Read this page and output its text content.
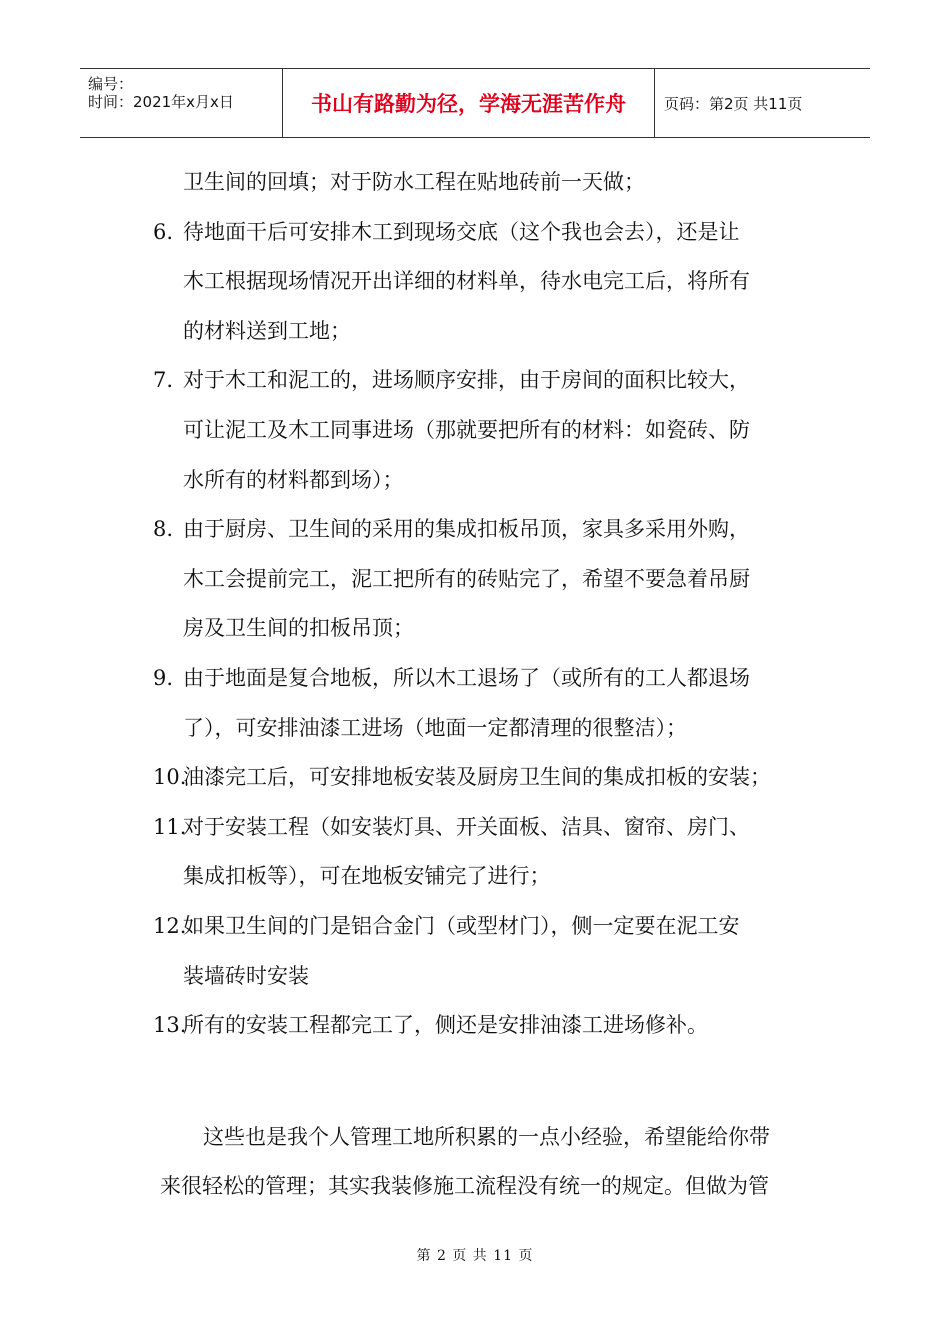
编号：
时间：2021年x月x日	书山有路勤为径，学海无涯苦作舟	页码：第2页 共11页
卫生间的回填；对于防水工程在贴地砖前一天做；
6. 待地面干后可安排木工到现场交底（这个我也会去），还是让
木工根据现场情况开出详细的材料单，待水电完工后，将所有
的材料送到工地；
7. 对于木工和泥工的，进场顺序安排，由于房间的面积比较大，
可让泥工及木工同事进场（那就要把所有的材料：如瓷砖、防
水所有的材料都到场）；
8. 由于厨房、卫生间的采用的集成扣板吊顶，家具多采用外购，
木工会提前完工，泥工把所有的砖贴完了，希望不要急着吊厨
房及卫生间的扣板吊顶；
9. 由于地面是复合地板，所以木工退场了（或所有的工人都退场
了），可安排油漆工进场（地面一定都清理的很整洁）；
10.
油漆完工后，可安排地板安装及厨房卫生间的集成扣板的安装；
11.
对于安装工程（如安装灯具、开关面板、洁具、窗帘、房门、
集成扣板等），可在地板安铺完了进行；
12.
如果卫生间的门是铝合金门（或型材门），侧一定要在泥工安
装墙砖时安装
13.
所有的安装工程都完工了，侧还是安排油漆工进场修补。
这些也是我个人管理工地所积累的一点小经验，希望能给你带
来很轻松的管理；其实我装修施工流程没有统一的规定。但做为管
第 2 页 共 11 页
